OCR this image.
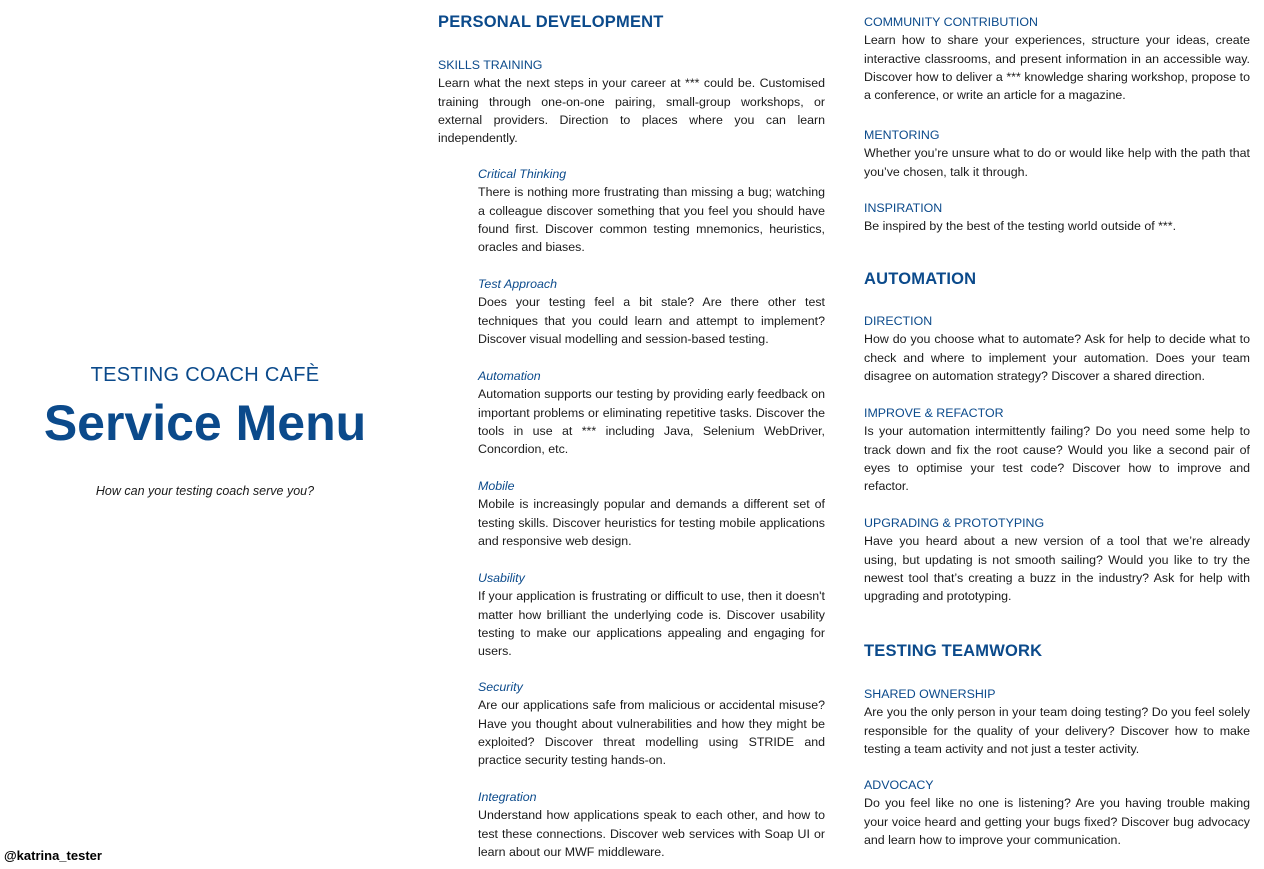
TESTING COACH CAFÈ
Service Menu
How can your testing coach serve you?
@katrina_tester
PERSONAL DEVELOPMENT
AUTOMATION
TESTING TEAMWORK
SKILLS TRAINING
Learn what the next steps in your career at *** could be. Customised training through one-on-one pairing, small-group workshops, or external providers. Direction to places where you can learn independently.
Critical Thinking
There is nothing more frustrating than missing a bug; watching a colleague discover something that you feel you should have found first. Discover common testing mnemonics, heuristics, oracles and biases.
Test Approach
Does your testing feel a bit stale? Are there other test techniques that you could learn and attempt to implement? Discover visual modelling and session-based testing.
Automation
Automation supports our testing by providing early feedback on important problems or eliminating repetitive tasks. Discover the tools in use at *** including Java, Selenium WebDriver, Concordion, etc.
Mobile
Mobile is increasingly popular and demands a different set of testing skills. Discover heuristics for testing mobile applications and responsive web design.
Usability
If your application is frustrating or difficult to use, then it doesn't matter how brilliant the underlying code is. Discover usability testing to make our applications appealing and engaging for users.
Security
Are our applications safe from malicious or accidental misuse? Have you thought about vulnerabilities and how they might be exploited? Discover threat modelling using STRIDE and practice security testing hands-on.
Integration
Understand how applications speak to each other, and how to test these connections. Discover web services with Soap UI or learn about our MWF middleware.
COMMUNITY CONTRIBUTION
Learn how to share your experiences, structure your ideas, create interactive classrooms, and present information in an accessible way. Discover how to deliver a *** knowledge sharing workshop, propose to a conference, or write an article for a magazine.
MENTORING
Whether you’re unsure what to do or would like help with the path that you’ve chosen, talk it through.
INSPIRATION
Be inspired by the best of the testing world outside of ***.
DIRECTION
How do you choose what to automate? Ask for help to decide what to check and where to implement your automation. Does your team disagree on automation strategy? Discover a shared direction.
IMPROVE & REFACTOR
Is your automation intermittently failing? Do you need some help to track down and fix the root cause? Would you like a second pair of eyes to optimise your test code? Discover how to improve and refactor.
UPGRADING & PROTOTYPING
Have you heard about a new version of a tool that we’re already using, but updating is not smooth sailing? Would you like to try the newest tool that’s creating a buzz in the industry? Ask for help with upgrading and prototyping.
SHARED OWNERSHIP
Are you the only person in your team doing testing? Do you feel solely responsible for the quality of your delivery? Discover how to make testing a team activity and not just a tester activity.
ADVOCACY
Do you feel like no one is listening? Are you having trouble making your voice heard and getting your bugs fixed? Discover bug advocacy and learn how to improve your communication.
